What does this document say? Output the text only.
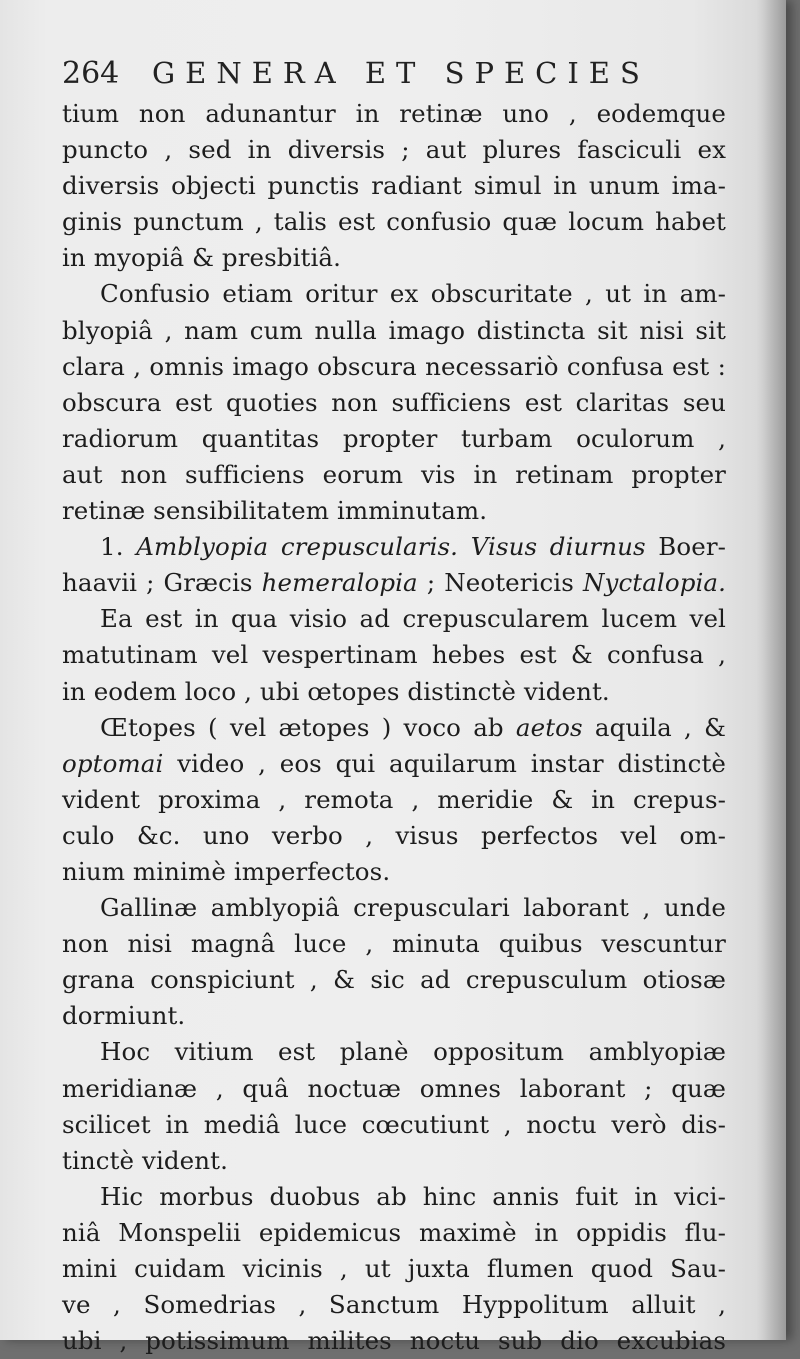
264	GENERA ET SPECIES
tium non adunantur in retinæ uno , eodemque
puncto , sed in diversis ; aut plures fasciculi ex
diversis objecti punctis radiant simul in unum ima-
ginis punctum , talis est confusio quæ locum habet
in myopiâ & presbitiâ.
Confusio etiam oritur ex obscuritate , ut in am-
blyopiâ , nam cum nulla imago distincta sit nisi sit
clara , omnis imago obscura necessariò confusa est :
obscura est quoties non sufficiens est claritas seu
radiorum quantitas propter turbam oculorum ,
aut non sufficiens eorum vis in retinam propter
retinæ sensibilitatem imminutam.
1. Amblyopia crepuscularis. Visus diurnus Boer-
haavii ; Græcis hemeralopia ; Neotericis Nyctalopia.
Ea est in qua visio ad crepuscularem lucem vel
matutinam vel vespertinam hebes est & confusa ,
in eodem loco , ubi œtopes distinctè vident.
Œtopes ( vel ætopes ) voco ab aetos aquila , &
optomai video , eos qui aquilarum instar distinctè
vident proxima , remota , meridie & in crepus-
culo &c. uno verbo , visus perfectos vel om-
nium minimè imperfectos.
Gallinæ amblyopiâ crepusculari laborant , unde
non nisi magnâ luce , minuta quibus vescuntur
grana conspiciunt , & sic ad crepusculum otiosæ
dormiunt.
Hoc vitium est planè oppositum amblyopiæ
meridianæ , quâ noctuæ omnes laborant ; quæ
scilicet in mediâ luce cœcutiunt , noctu verò dis-
tinctè vident.
Hic morbus duobus ab hinc annis fuit in vici-
niâ Monspelii epidemicus maximè in oppidis flu-
mini cuidam vicinis , ut juxta flumen quod Sau-
ve , Somedrias , Sanctum Hyppolitum alluit ,
ubi , potissimum milites noctu sub dio excubias
